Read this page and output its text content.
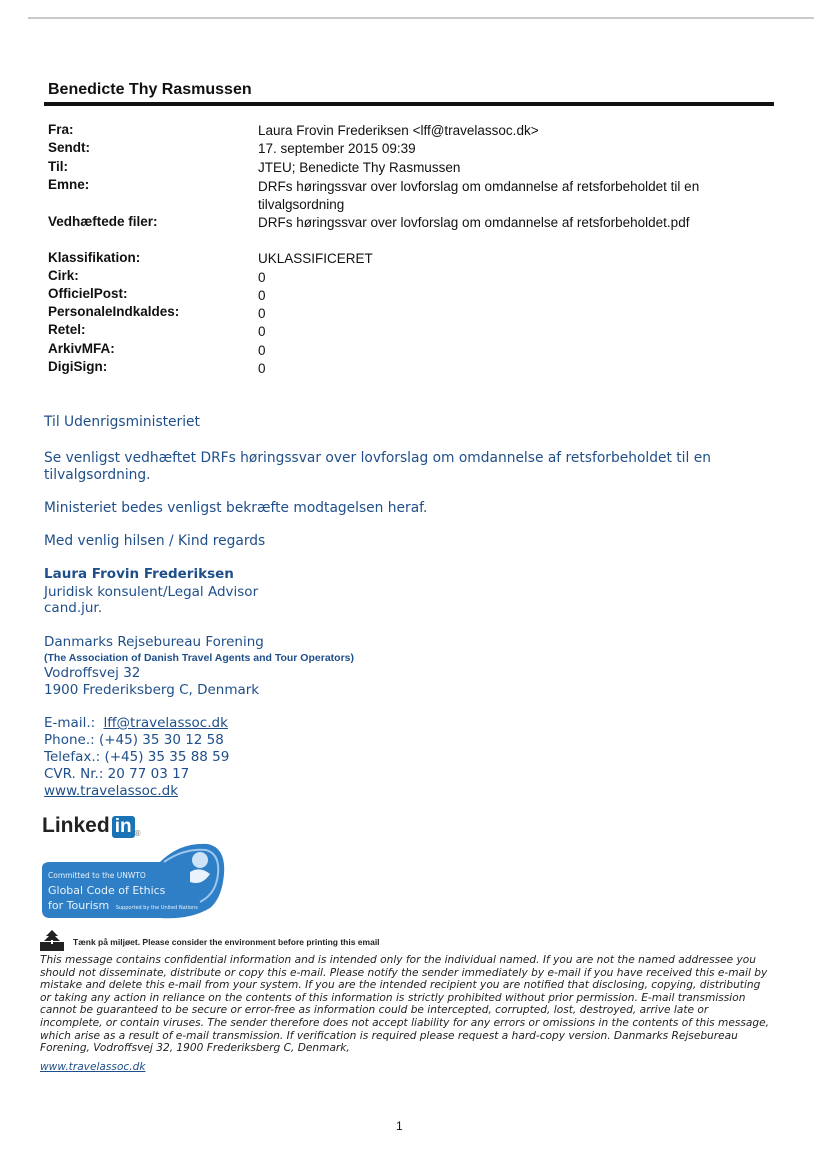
Benedicte Thy Rasmussen
Fra:	Laura Frovin Frederiksen <lff@travelassoc.dk>
Sendt:	17. september 2015 09:39
Til:	JTEU; Benedicte Thy Rasmussen
Emne:	DRFs høringssvar over lovforslag om omdannelse af retsforbeholdet til en tilvalgsordning
Vedhæftede filer:	DRFs høringssvar over lovforslag om omdannelse af retsforbeholdet.pdf
Klassifikation:	UKLASSIFICERET
Cirk:	0
OfficielPost:	0
PersonaleIndkaldes:	0
Retel:	0
ArkivMFA:	0
DigiSign:	0
Til Udenrigsministeriet
Se venligst vedhæftet DRFs høringssvar over lovforslag om omdannelse af retsforbeholdet til en tilvalgsordning.
Ministeriet bedes venligst bekræfte modtagelsen heraf.
Med venlig hilsen / Kind regards
Laura Frovin Frederiksen
Juridisk konsulent/Legal Advisor
cand.jur.
Danmarks Rejsebureau Forening
(The Association of Danish Travel Agents and Tour Operators)
Vodroffsvej 32
1900 Frederiksberg C, Denmark
E-mail.: lff@travelassoc.dk
Phone.: (+45) 35 30 12 58
Telefax.: (+45) 35 35 88 59
CVR. Nr.: 20 77 03 17
www.travelassoc.dk
Linked in ®
Committed to the UNWTO
Global Code of Ethics
for Tourism Supported by the United Nations
Tænk på miljøet. Please consider the environment before printing this email
This message contains confidential information and is intended only for the individual named. If you are not the named addressee you should not disseminate, distribute or copy this e-mail. Please notify the sender immediately by e-mail if you have received this e-mail by mistake and delete this e-mail from your system. If you are the intended recipient you are notified that disclosing, copying, distributing or taking any action in reliance on the contents of this information is strictly prohibited without prior permission. E-mail transmission cannot be guaranteed to be secure or error-free as information could be intercepted, corrupted, lost, destroyed, arrive late or incomplete, or contain viruses. The sender therefore does not accept liability for any errors or omissions in the contents of this message, which arise as a result of e-mail transmission. If verification is required please request a hard-copy version. Danmarks Rejsebureau Forening, Vodroffsvej 32, 1900 Frederiksberg C, Denmark,
www.travelassoc.dk
1
